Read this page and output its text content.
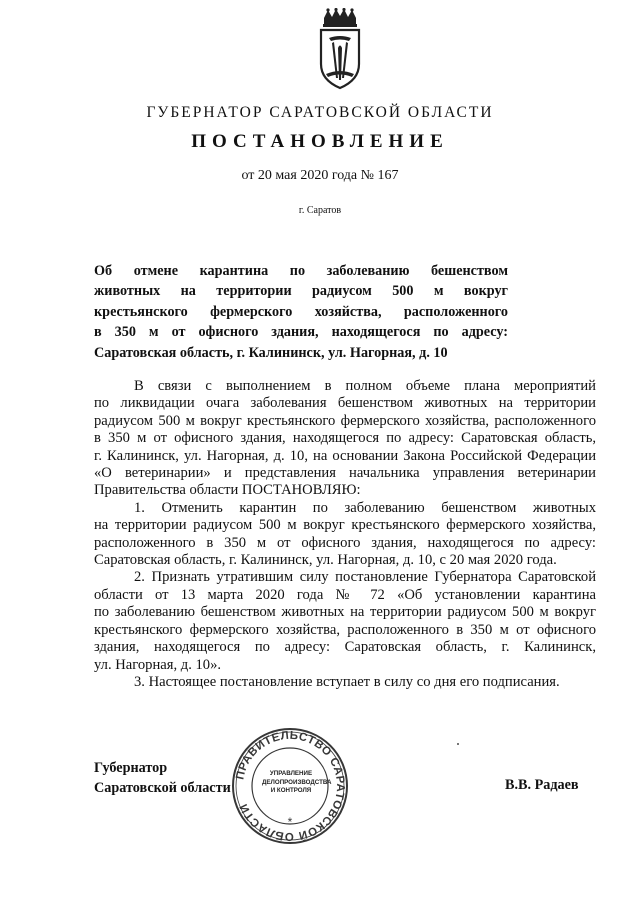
ГУБЕРНАТОР САРАТОВСКОЙ ОБЛАСТИ
ПОСТАНОВЛЕНИЕ
от 20 мая 2020 года № 167
г. Саратов
Об отмене карантина по заболеванию бешенством
животных на территории радиусом 500 м вокруг
крестьянского фермерского хозяйства, расположенного
в 350 м от офисного здания, находящегося по адресу:
Саратовская область, г. Калининск, ул. Нагорная, д. 10
В связи с выполнением в полном объеме плана мероприятий
по ликвидации очага заболевания бешенством животных на территории
радиусом 500 м вокруг крестьянского фермерского хозяйства, расположенного
в 350 м от офисного здания, находящегося по адресу: Саратовская область,
г. Калининск, ул. Нагорная, д. 10, на основании Закона Российской Федерации
«О ветеринарии» и представления начальника управления ветеринарии
Правительства области ПОСТАНОВЛЯЮ:
1. Отменить карантин по заболеванию бешенством животных
на территории радиусом 500 м вокруг крестьянского фермерского хозяйства,
расположенного в 350 м от офисного здания, находящегося по адресу:
Саратовская область, г. Калининск, ул. Нагорная, д. 10, с 20 мая 2020 года.
2. Признать утратившим силу постановление Губернатора Саратовской
области от 13 марта 2020 года № 72 «Об установлении карантина
по заболеванию бешенством животных на территории радиусом 500 м вокруг
крестьянского фермерского хозяйства, расположенного в 350 м от офисного
здания, находящегося по адресу: Саратовская область, г. Калининск,
ул. Нагорная, д. 10».
3. Настоящее постановление вступает в силу со дня его подписания.
Губернатор
Саратовской области	В.В. Радаев
ПРАВИТЕЛЬСТВО САРАТОВСКОЙ ОБЛАСТИ
*
УПРАВЛЕНИЕ
ДЕЛОПРОИЗВОДСТВА
И КОНТРОЛЯ
